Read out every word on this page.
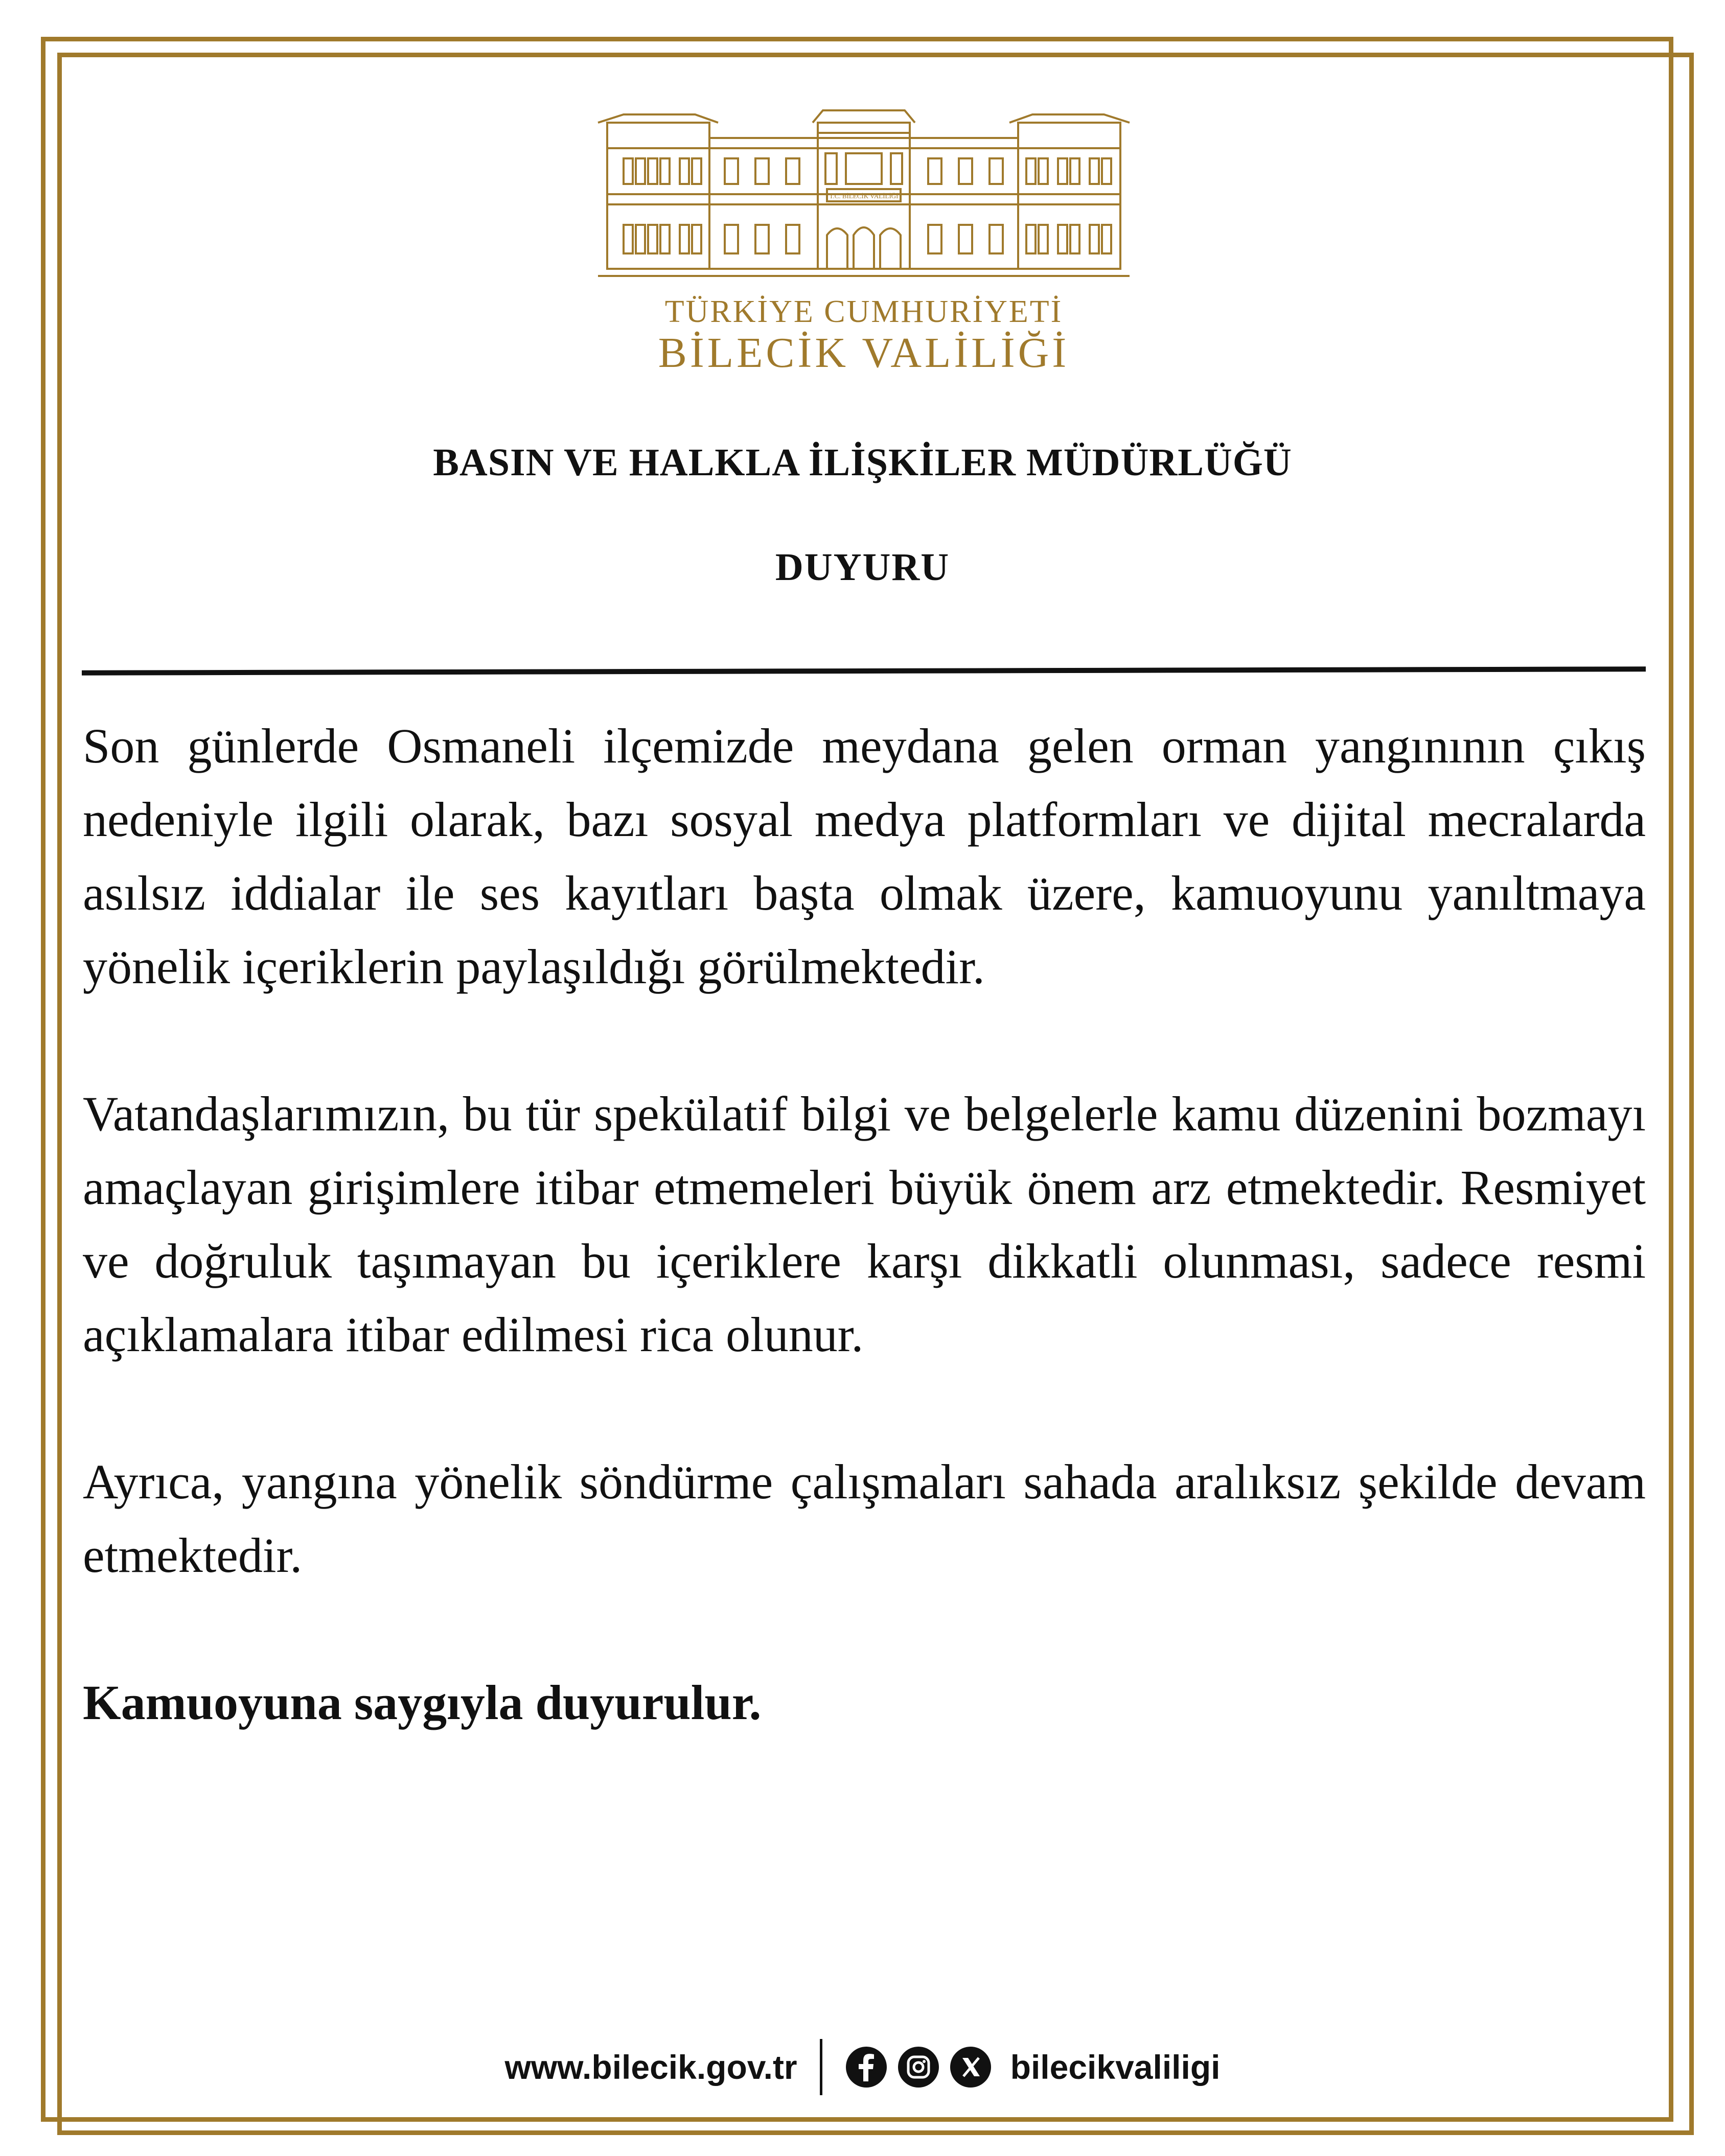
T.C. BİLECİK VALİLİĞİ
TÜRKİYE CUMHURİYETİ
BİLECİK VALİLİĞİ
BASIN VE HALKLA İLİŞKİLER MÜDÜRLÜĞÜ
DUYURU

Son günlerde Osmaneli ilçemizde meydana gelen orman yangınının çıkış nedeniyle ilgili olarak, bazı sosyal medya platformları ve dijital mecralarda asılsız iddialar ile ses kayıtları başta olmak üzere, kamuoyunu yanıltmaya yönelik içeriklerin paylaşıldığı görülmektedir.

Vatandaşlarımızın, bu tür spekülatif bilgi ve belgelerle kamu düzenini bozmayı amaçlayan girişimlere itibar etmemeleri büyük önem arz etmektedir. Resmiyet ve doğruluk taşımayan bu içeriklere karşı dikkatli olunması, sadece resmi açıklamalara itibar edilmesi rica olunur.

Ayrıca, yangına yönelik söndürme çalışmaları sahada aralıksız şekilde devam etmektedir.

Kamuoyuna saygıyla duyurulur.

www.bilecik.gov.tr	bilecikvaliligi
